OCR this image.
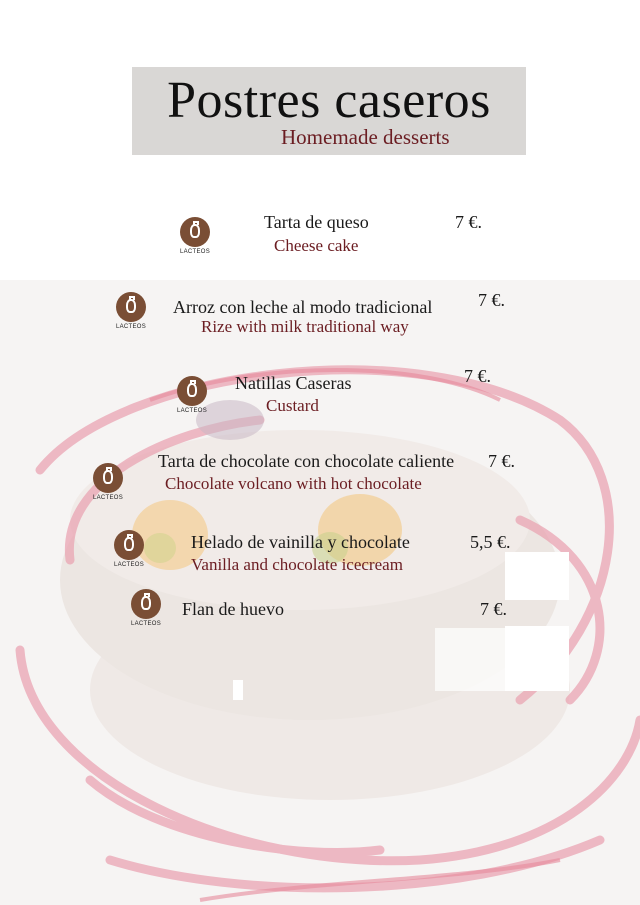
Postres caseros
Homemade desserts
LACTEOS
Tarta de queso
Cheese cake
7 €.
LACTEOS
Arroz con leche al modo tradicional
Rize with milk traditional way
7 €.
LACTEOS
Natillas Caseras
Custard
7 €.
LACTEOS
Tarta de chocolate con chocolate caliente
Chocolate volcano with hot chocolate
7 €.
LACTEOS
Helado de vainilla y chocolate
Vanilla and chocolate icecream
5,5 €.
LACTEOS
Flan de huevo	7 €.
